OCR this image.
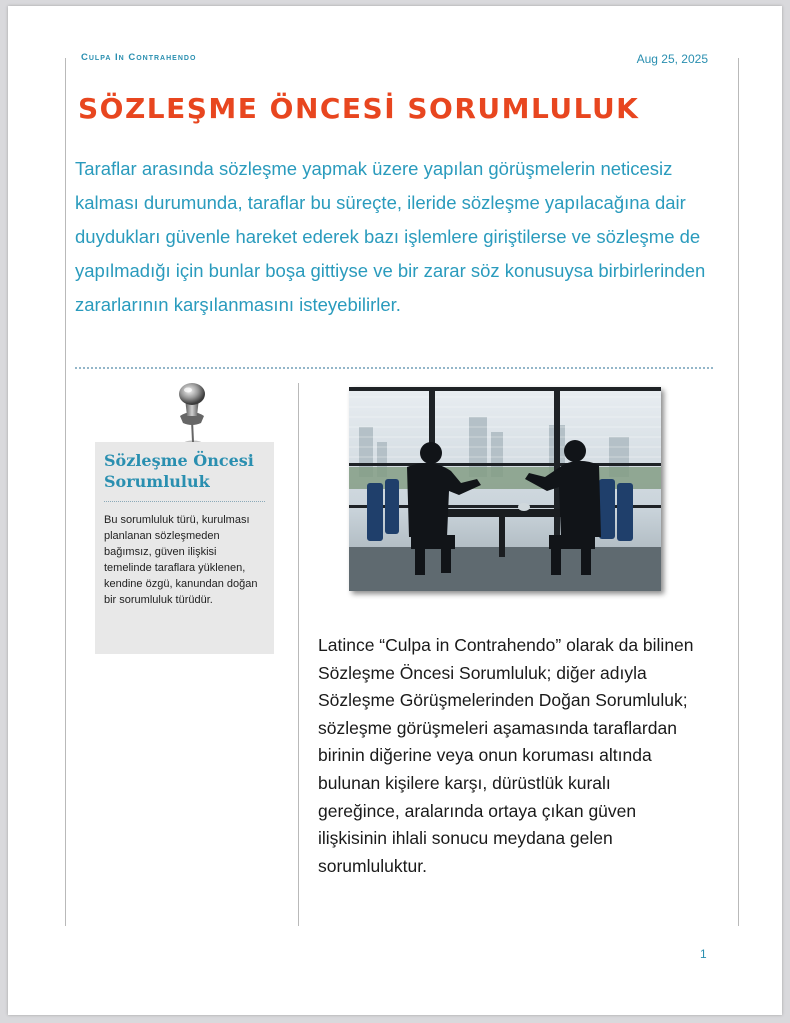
Culpa In Contrahendo	Aug 25, 2025
SÖZLEŞME ÖNCESİ SORUMLULUK
Taraflar arasında sözleşme yapmak üzere yapılan görüşmelerin neticesiz kalması durumunda, taraflar bu süreçte, ileride sözleşme yapılacağına dair duydukları güvenle hareket ederek bazı işlemlere giriştilerse ve sözleşme de yapılmadığı için bunlar boşa gittiyse ve bir zarar söz konusuysa birbirlerinden zararlarının karşılanmasını isteyebilirler.
Sözleşme Öncesi Sorumluluk
Bu sorumluluk türü, kurulması planlanan sözleşmeden bağımsız, güven ilişkisi temelinde taraflara yüklenen, kendine özgü, kanundan doğan bir sorumluluk türüdür.
Latince “Culpa in Contrahendo” olarak da bilinen Sözleşme Öncesi Sorumluluk; diğer adıyla Sözleşme Görüşmelerinden Doğan Sorumluluk; sözleşme görüşmeleri aşamasında taraflardan birinin diğerine veya onun koruması altında bulunan kişilere karşı, dürüstlük kuralı gereğince, aralarında ortaya çıkan güven ilişkisinin ihlali sonucu meydana gelen sorumluluktur.
1
